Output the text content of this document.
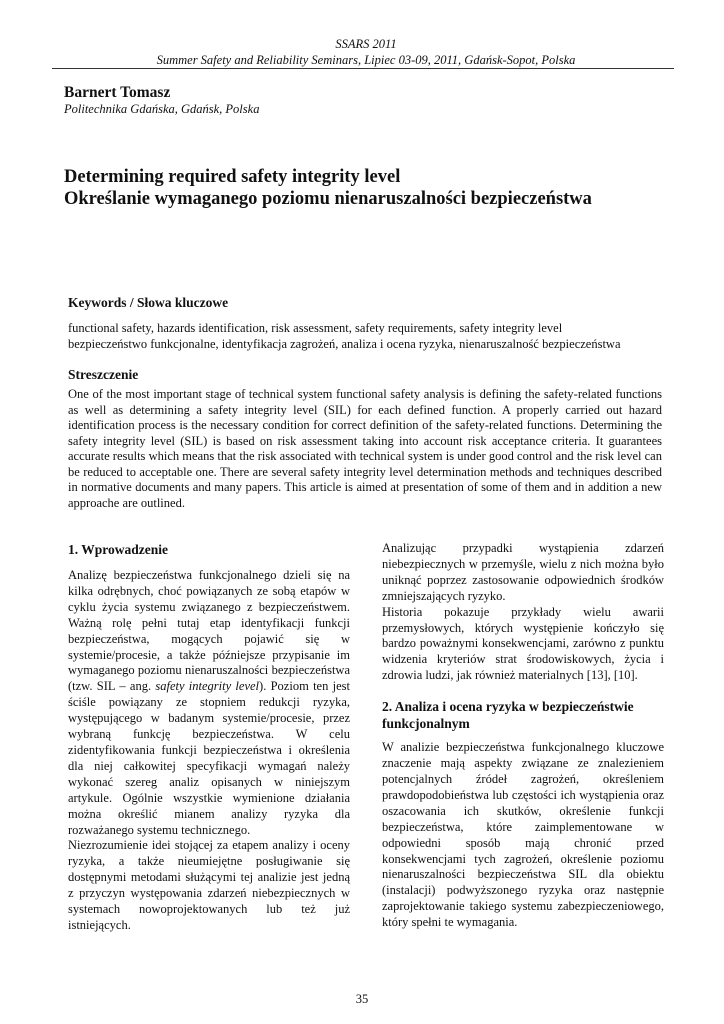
SSARS 2011
Summer Safety and Reliability Seminars, Lipiec 03-09, 2011, Gdańsk-Sopot, Polska
Barnert Tomasz
Politechnika Gdańska, Gdańsk, Polska
Determining required safety integrity level
Określanie wymaganego poziomu nienaruszalności bezpieczeństwa
Keywords / Słowa kluczowe
functional safety, hazards identification, risk assessment, safety requirements, safety integrity level
bezpieczeństwo funkcjonalne, identyfikacja zagrożeń, analiza i ocena ryzyka, nienaruszalność bezpieczeństwa
Streszczenie
One of the most important stage of technical system functional safety analysis is defining the safety-related functions as well as determining a safety integrity level (SIL) for each defined function. A properly carried out hazard identification process is the necessary condition for correct definition of the safety-related functions. Determining the safety integrity level (SIL) is based on risk assessment taking into account risk acceptance criteria. It guarantees accurate results which means that the risk associated with technical system is under good control and the risk level can be reduced to acceptable one. There are several safety integrity level determination methods and techniques described in normative documents and many papers. This article is aimed at presentation of some of them and in addition a new approache are outlined.
1. Wprowadzenie

Analizę bezpieczeństwa funkcjonalnego dzieli się na kilka odrębnych, choć powiązanych ze sobą etapów w cyklu życia systemu związanego z bezpieczeństwem. Ważną rolę pełni tutaj etap identyfikacji funkcji bezpieczeństwa, mogących pojawić się w systemie/procesie, a także późniejsze przypisanie im wymaganego poziomu nienaruszalności bezpieczeństwa (tzw. SIL – ang. safety integrity level). Poziom ten jest ściśle powiązany ze stopniem redukcji ryzyka, występującego w badanym systemie/procesie, przez wybraną funkcję bezpieczeństwa. W celu zidentyfikowania funkcji bezpieczeństwa i określenia dla niej całkowitej specyfikacji wymagań należy wykonać szereg analiz opisanych w niniejszym artykule. Ogólnie wszystkie wymienione działania można określić mianem analizy ryzyka dla rozważanego systemu technicznego.

Niezrozumienie idei stojącej za etapem analizy i oceny ryzyka, a także nieumiejętne posługiwanie się dostępnymi metodami służącymi tej analizie jest jedną z przyczyn występowania zdarzeń niebezpiecznych w systemach nowoprojektowanych lub też już istniejących.

Analizując przypadki wystąpienia zdarzeń niebezpiecznych w przemyśle, wielu z nich można było uniknąć poprzez zastosowanie odpowiednich środków zmniejszających ryzyko.

Historia pokazuje przykłady wielu awarii przemysłowych, których występienie kończyło się bardzo poważnymi konsekwencjami, zarówno z punktu widzenia kryteriów strat środowiskowych, życia i zdrowia ludzi, jak również materialnych [13], [10].

2. Analiza i ocena ryzyka w bezpieczeństwie funkcjonalnym

W analizie bezpieczeństwa funkcjonalnego kluczowe znaczenie mają aspekty związane ze znalezieniem potencjalnych źródeł zagrożeń, określeniem prawdopodobieństwa lub częstości ich wystąpienia oraz oszacowania ich skutków, określenie funkcji bezpieczeństwa, które zaimplementowane w odpowiedni sposób mają chronić przed konsekwencjami tych zagrożeń, określenie poziomu nienaruszalności bezpieczeństwa SIL dla obiektu (instalacji) podwyższonego ryzyka oraz następnie zaprojektowanie takiego systemu zabezpieczeniowego, który spełni te wymagania.

35
